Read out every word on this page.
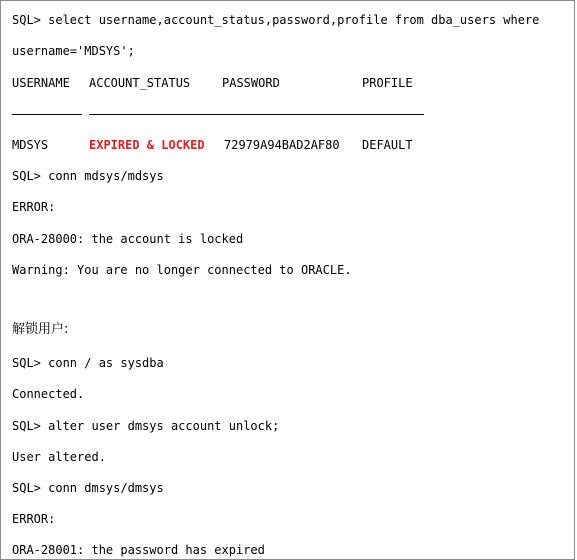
SQL> select username,account_status,password,profile from dba_users where
username='MDSYS';
USERNAME ACCOUNT_STATUS	PASSWORD	PROFILE
MDSYS	EXPIRED & LOCKED 72979A94BAD2AF80 DEFAULT
SQL> conn mdsys/mdsys
ERROR:
ORA-28000: the account is locked
Warning: You are no longer connected to ORACLE.
解锁用户:
SQL> conn / as sysdba
Connected.
SQL> alter user dmsys account unlock;
User altered.
SQL> conn dmsys/dmsys
ERROR:
ORA-28001: the password has expired
